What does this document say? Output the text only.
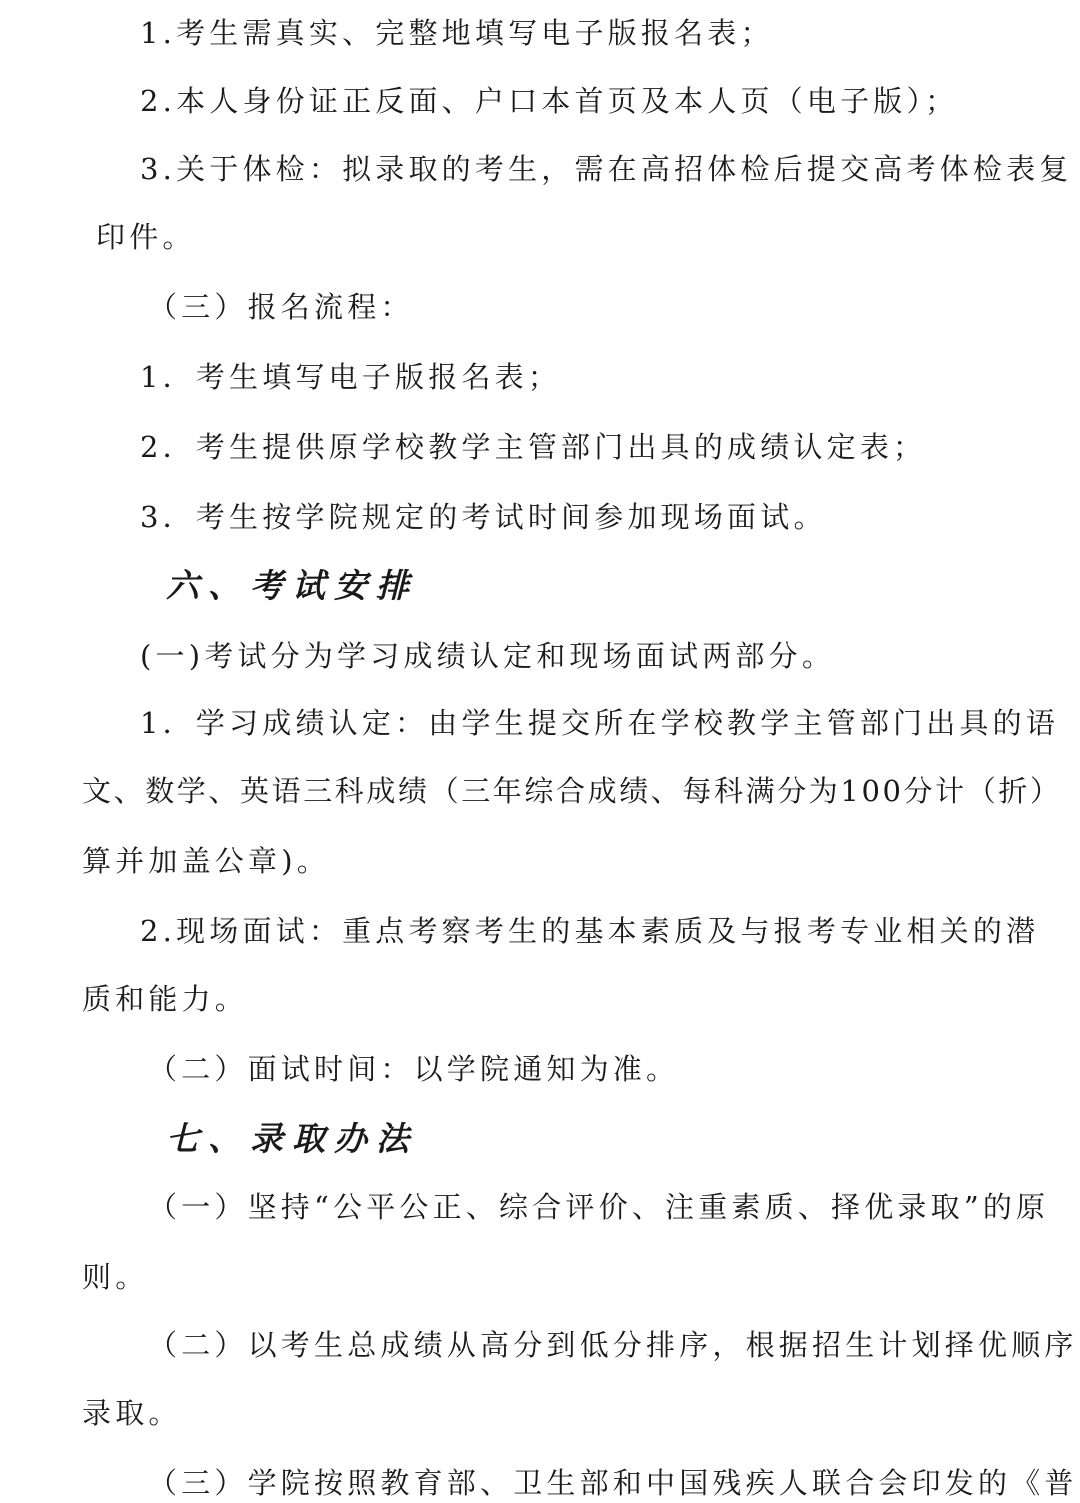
1.考生需真实、完整地填写电子版报名表；
2.本人身份证正反面、户口本首页及本人页（电子版）；
3.关于体检：拟录取的考生，需在高招体检后提交高考体检表复
印件。
（三）报名流程：
1．考生填写电子版报名表；
2．考生提供原学校教学主管部门出具的成绩认定表；
3．考生按学院规定的考试时间参加现场面试。
六、考试安排
(一)考试分为学习成绩认定和现场面试两部分。
1．学习成绩认定：由学生提交所在学校教学主管部门出具的语
文、数学、英语三科成绩（三年综合成绩、每科满分为100分计（折）
算并加盖公章)。
2.现场面试：重点考察考生的基本素质及与报考专业相关的潜
质和能力。
（二）面试时间：以学院通知为准。
七、录取办法
（一）坚持“公平公正、综合评价、注重素质、择优录取”的原
则。
（二）以考生总成绩从高分到低分排序，根据招生计划择优顺序
录取。
（三）学院按照教育部、卫生部和中国残疾人联合会印发的《普
